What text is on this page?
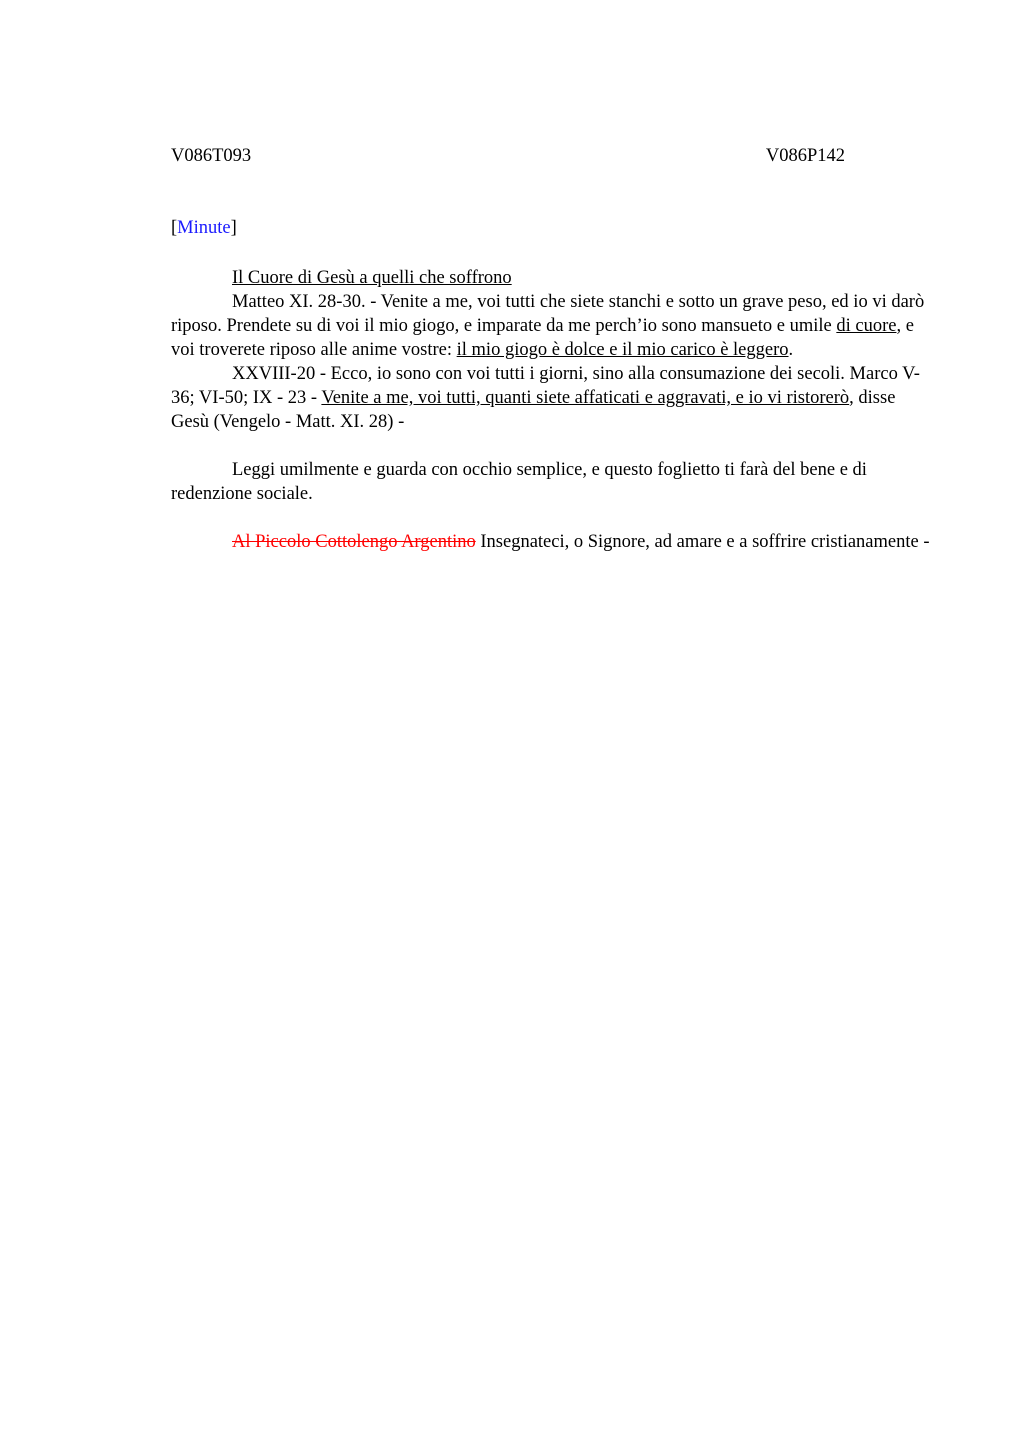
V086T093	V086P142
[Minute]

Il Cuore di Gesù a quelli che soffrono

Matteo XI. 28-30. - Venite a me, voi tutti che siete stanchi e sotto un grave peso, ed io vi darò riposo. Prendete su di voi il mio giogo, e imparate da me perch’io sono mansueto e umile di cuore, e voi troverete riposo alle anime vostre: il mio giogo è dolce e il mio carico è leggero.

XXVIII-20 - Ecco, io sono con voi tutti i giorni, sino alla consumazione dei secoli. Marco V-36; VI-50; IX - 23 - Venite a me, voi tutti, quanti siete affaticati e aggravati, e io vi ristorerò, disse Gesù (Vengelo - Matt. XI. 28) -

Leggi umilmente e guarda con occhio semplice, e questo foglietto ti farà del bene e di redenzione sociale.

Al Piccolo Cottolengo Argentino Insegnateci, o Signore, ad amare e a soffrire cristianamente -
